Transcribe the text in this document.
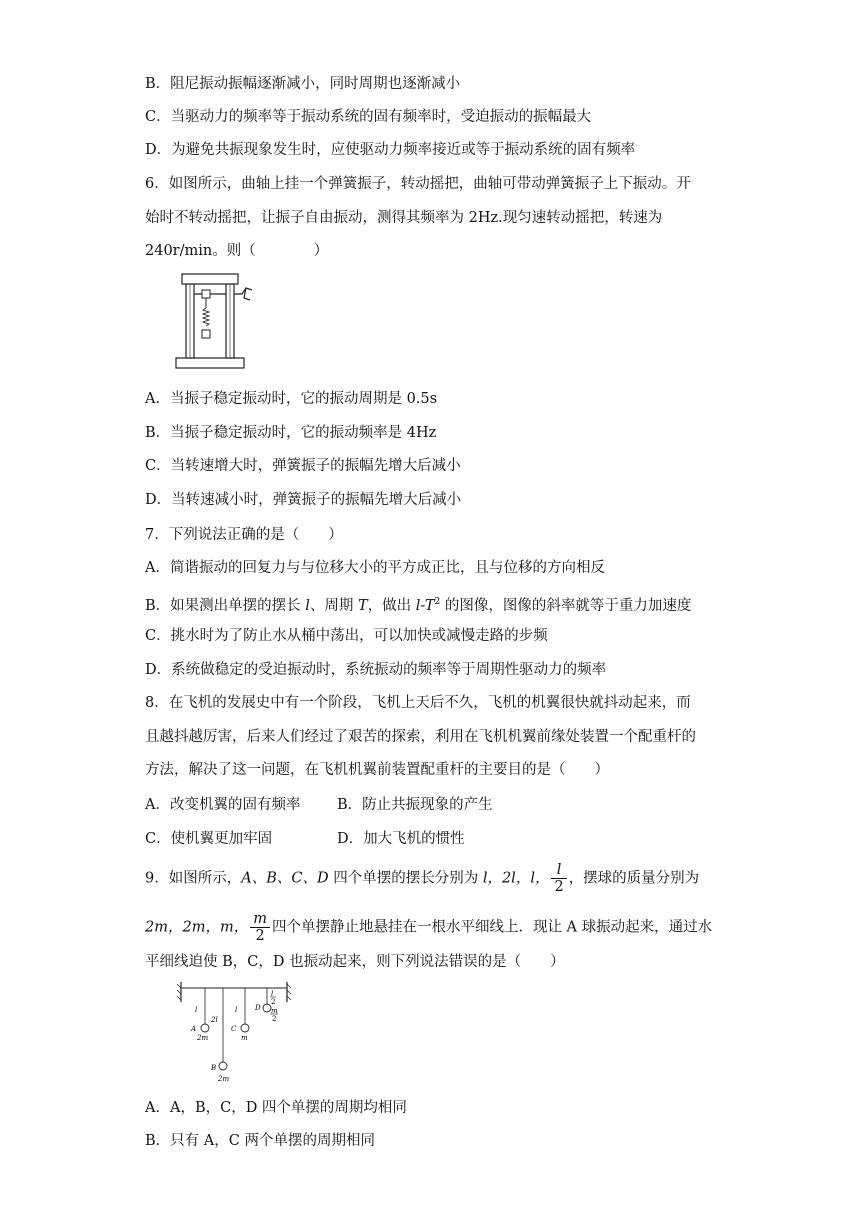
B．阻尼振动振幅逐渐减小，同时周期也逐渐减小
C．当驱动力的频率等于振动系统的固有频率时，受迫振动的振幅最大
D．为避免共振现象发生时，应使驱动力频率接近或等于振动系统的固有频率
6．如图所示，曲轴上挂一个弹簧振子，转动摇把，曲轴可带动弹簧振子上下振动。开
始时不转动摇把，让振子自由振动，测得其频率为 2Hz.现匀速转动摇把，转速为
240r/min。则（　　　　）
A．当振子稳定振动时，它的振动周期是 0.5s
B．当振子稳定振动时，它的振动频率是 4Hz
C．当转速增大时，弹簧振子的振幅先增大后减小
D．当转速减小时，弹簧振子的振幅先增大后减小
7．下列说法正确的是（　　）
A．简谐振动的回复力与与位移大小的平方成正比，且与位移的方向相反
B．如果测出单摆的摆长 l、周期 T，做出 $l-T^2$ 的图像，图像的斜率就等于重力加速度
C．挑水时为了防止水从桶中荡出，可以加快或减慢走路的步频
D．系统做稳定的受迫振动时，系统振动的频率等于周期性驱动力的频率
8．在飞机的发展史中有一个阶段，飞机上天后不久，飞机的机翼很快就抖动起来，而
且越抖越厉害，后来人们经过了艰苦的探索，利用在飞机机翼前缘处装置一个配重杆的
方法，解决了这一问题，在飞机机翼前装置配重杆的主要目的是（　　）
A．改变机翼的固有频率	B．防止共振现象的产生
C．使机翼更加牢固	D．加大飞机的惯性
9．如图所示，A、B、C、D 四个单摆的摆长分别为 l，2l，l， $\frac{l}{2}$ ，摆球的质量分别为
2m，2m，m， $\frac{m}{2}$ 四个单摆静止地悬挂在一根水平细线上．现让 A 球振动起来，通过水
平细线迫使 B，C，D 也振动起来，则下列说法错误的是（　　）
l
A
2m
2l
B
2m
l
C
m
D
l
2
m
2
A．A，B，C，D 四个单摆的周期均相同
B．只有 A，C 两个单摆的周期相同
